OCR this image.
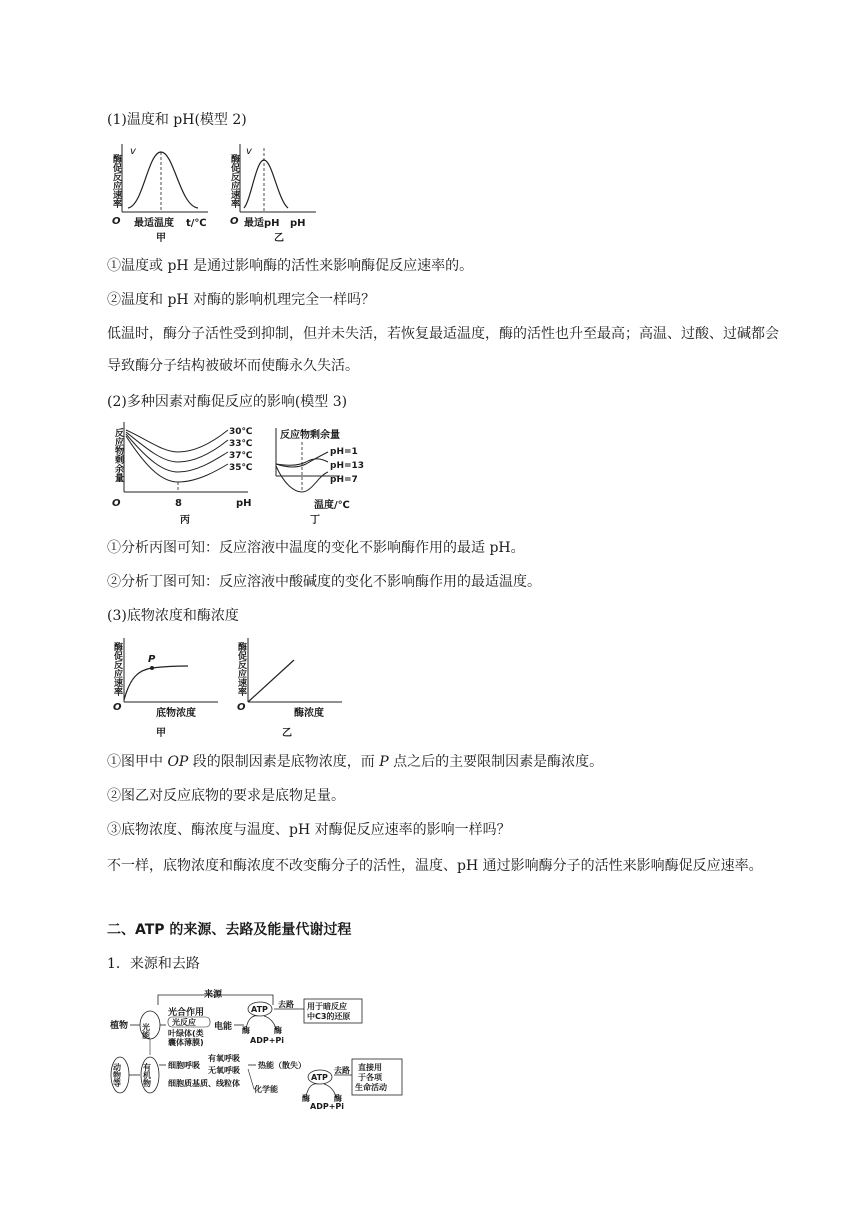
(1)温度和 pH(模型 2)
酶促反应速率
v
O 最适温度 t/℃
甲
酶促反应速率
v
O 最适pH pH
乙
①温度或 pH 是通过影响酶的活性来影响酶促反应速率的。
②温度和 pH 对酶的影响机理完全一样吗？
低温时，酶分子活性受到抑制，但并未失活，若恢复最适温度，酶的活性也升至最高；高温、过酸、过碱都会导致酶分子结构被破坏而使酶永久失活。
(2)多种因素对酶促反应的影响(模型 3)
反应物剩余量	30℃
33℃
37℃
35℃
O	8	pH
丙
反应物剩余量
pH=1
pH=13
pH=7
温度/℃
丁
①分析丙图可知：反应溶液中温度的变化不影响酶作用的最适 pH。
②分析丁图可知：反应溶液中酸碱度的变化不影响酶作用的最适温度。
(3)底物浓度和酶浓度
酶促反应速率	P
O
底物浓度
甲
酶促反应速率
O
酶浓度
乙
①图甲中 OP 段的限制因素是底物浓度，而 P 点之后的主要限制因素是酶浓度。
②图乙对反应底物的要求是底物足量。
③底物浓度、酶浓度与温度、pH 对酶促反应速率的影响一样吗？
不一样，底物浓度和酶浓度不改变酶分子的活性，温度、pH 通过影响酶分子的活性来影响酶促反应速率。
二、ATP 的来源、去路及能量代谢过程
1．来源和去路
来源
植物 光能
光合作用
光反应
叶绿体(类
囊体薄膜)
电能
ATP
酶	酶
ADP+Pi
去路 用于暗反应
中C3的还原
动物等	有机物 细胞呼吸
有氧呼吸
无氧呼吸
细胞质基质、线粒体
热能（散失）
化学能
ATP
酶	酶
ADP+Pi
去路 直接用
于各项
生命活动
